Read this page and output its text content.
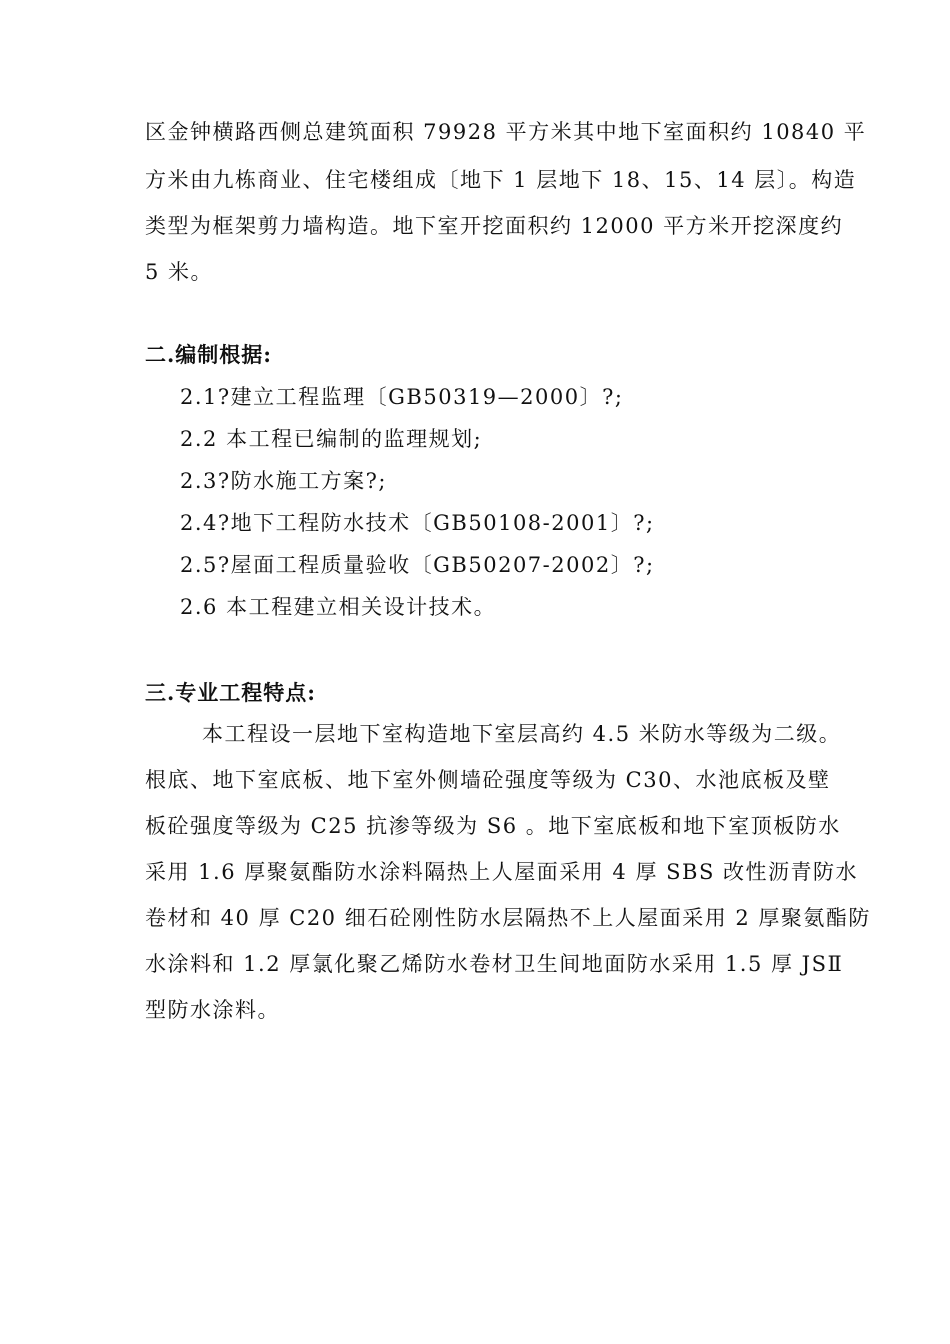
区金钟横路西侧总建筑面积 79928 平方米其中地下室面积约 10840 平
方米由九栋商业、住宅楼组成〔地下 1 层地下 18、15、14 层〕。构造
类型为框架剪力墙构造。地下室开挖面积约 12000 平方米开挖深度约
5 米。
二.编制根据:
2.1?建立工程监理〔GB50319—2000〕?;
2.2 本工程已编制的监理规划;
2.3?防水施工方案?;
2.4?地下工程防水技术〔GB50108-2001〕?;
2.5?屋面工程质量验收〔GB50207-2002〕?;
2.6 本工程建立相关设计技术。
三.专业工程特点:
本工程设一层地下室构造地下室层高约 4.5 米防水等级为二级。
根底、地下室底板、地下室外侧墙砼强度等级为 C30、水池底板及壁
板砼强度等级为 C25 抗渗等级为 S6 。地下室底板和地下室顶板防水
采用 1.6 厚聚氨酯防水涂料隔热上人屋面采用 4 厚 SBS 改性沥青防水
卷材和 40 厚 C20 细石砼刚性防水层隔热不上人屋面采用 2 厚聚氨酯防
水涂料和 1.2 厚氯化聚乙烯防水卷材卫生间地面防水采用 1.5 厚 JSⅡ
型防水涂料。
